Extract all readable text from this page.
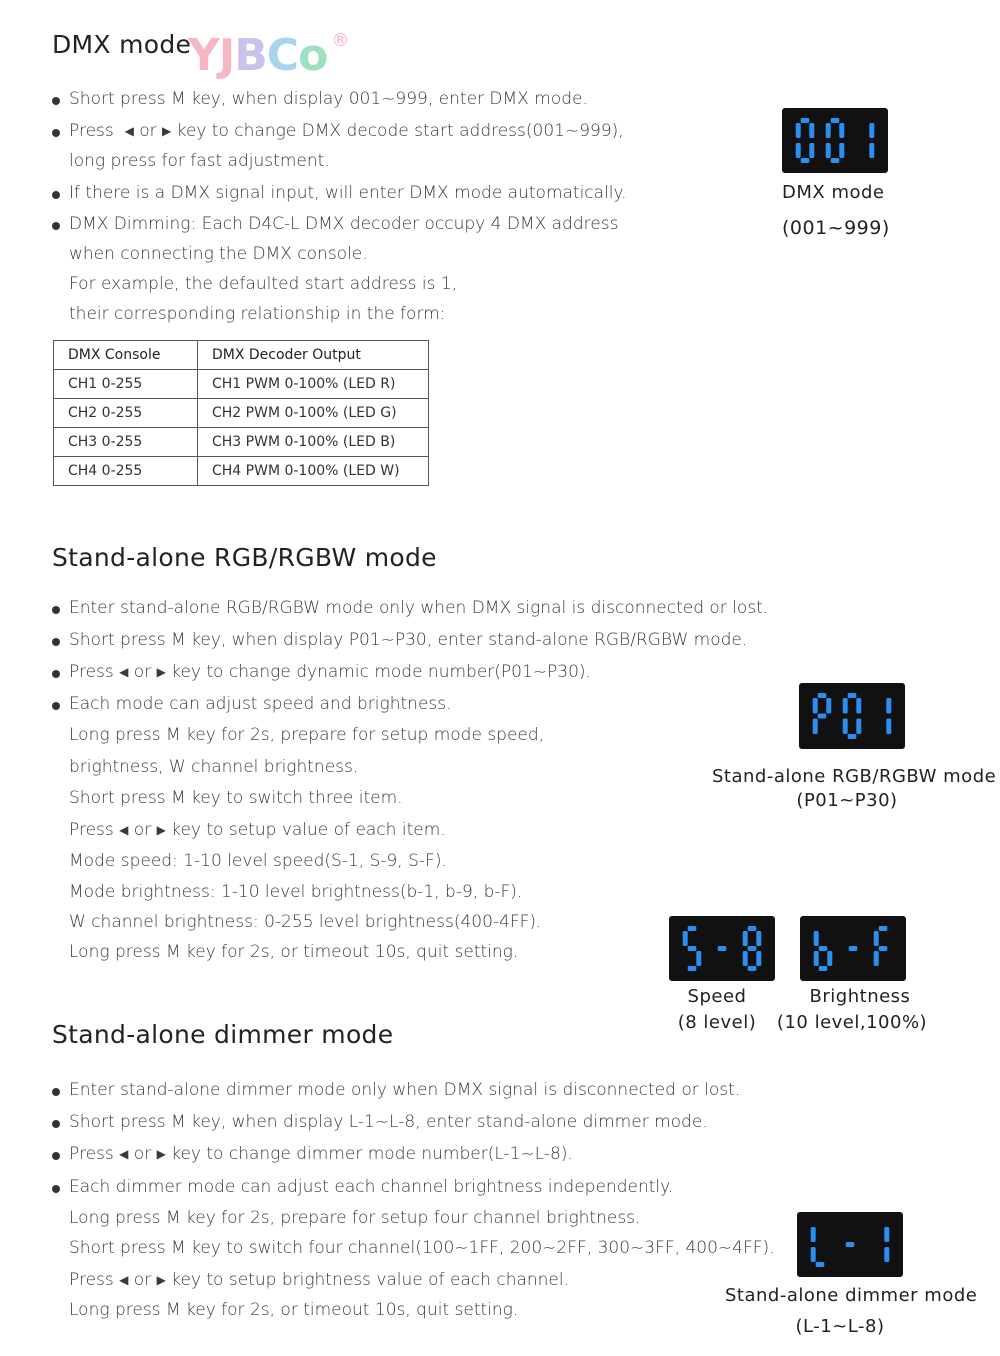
YJBCo ®
DMX mode
Short press M key, when display 001~999, enter DMX mode.
Press ◀ or ▶ key to change DMX decode start address(001~999),
long press for fast adjustment.
If there is a DMX signal input, will enter DMX mode automatically.
DMX Dimming: Each D4C-L DMX decoder occupy 4 DMX address
when connecting the DMX console.
For example, the defaulted start address is 1,
their corresponding relationship in the form:
DMX Console	DMX Decoder Output
CH1 0-255	CH1 PWM 0-100% (LED R)
CH2 0-255	CH2 PWM 0-100% (LED G)
CH3 0-255	CH3 PWM 0-100% (LED B)
CH4 0-255	CH4 PWM 0-100% (LED W)
DMX mode
(001~999)
Stand-alone RGB/RGBW mode
Enter stand-alone RGB/RGBW mode only when DMX signal is disconnected or lost.
Short press M key, when display P01~P30, enter stand-alone RGB/RGBW mode.
Press ◀ or ▶ key to change dynamic mode number(P01~P30).
Each mode can adjust speed and brightness.
Long press M key for 2s, prepare for setup mode speed,
brightness, W channel brightness.
Short press M key to switch three item.
Press ◀ or ▶ key to setup value of each item.
Mode speed: 1-10 level speed(S-1, S-9, S-F).
Mode brightness: 1-10 level brightness(b-1, b-9, b-F).
W channel brightness: 0-255 level brightness(400-4FF).
Long press M key for 2s, or timeout 10s, quit setting.
Stand-alone RGB/RGBW mode
(P01~P30)
Speed
(8 level)
Brightness
(10 level,100%)
Stand-alone dimmer mode
Enter stand-alone dimmer mode only when DMX signal is disconnected or lost.
Short press M key, when display L-1~L-8, enter stand-alone dimmer mode.
Press ◀ or ▶ key to change dimmer mode number(L-1~L-8).
Each dimmer mode can adjust each channel brightness independently.
Long press M key for 2s, prepare for setup four channel brightness.
Short press M key to switch four channel(100~1FF, 200~2FF, 300~3FF, 400~4FF).
Press ◀ or ▶ key to setup brightness value of each channel.
Long press M key for 2s, or timeout 10s, quit setting.
Stand-alone dimmer mode
(L-1~L-8)
